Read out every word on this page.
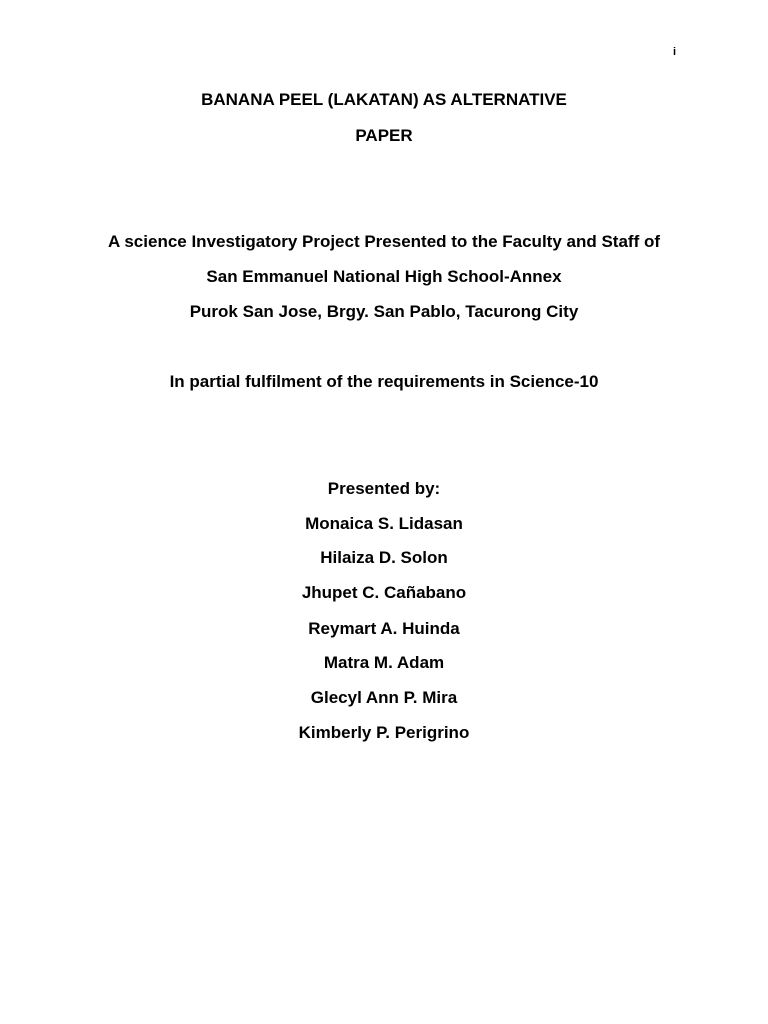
i
BANANA PEEL (LAKATAN) AS ALTERNATIVE
PAPER
A science Investigatory Project Presented to the Faculty and Staff of
San Emmanuel National High School-Annex
Purok San Jose, Brgy. San Pablo, Tacurong City
In partial fulfilment of the requirements in Science-10
Presented by:
Monaica S. Lidasan
Hilaiza D. Solon
Jhupet C. Cañabano
Reymart A. Huinda
Matra M. Adam
Glecyl Ann P. Mira
Kimberly P. Perigrino
